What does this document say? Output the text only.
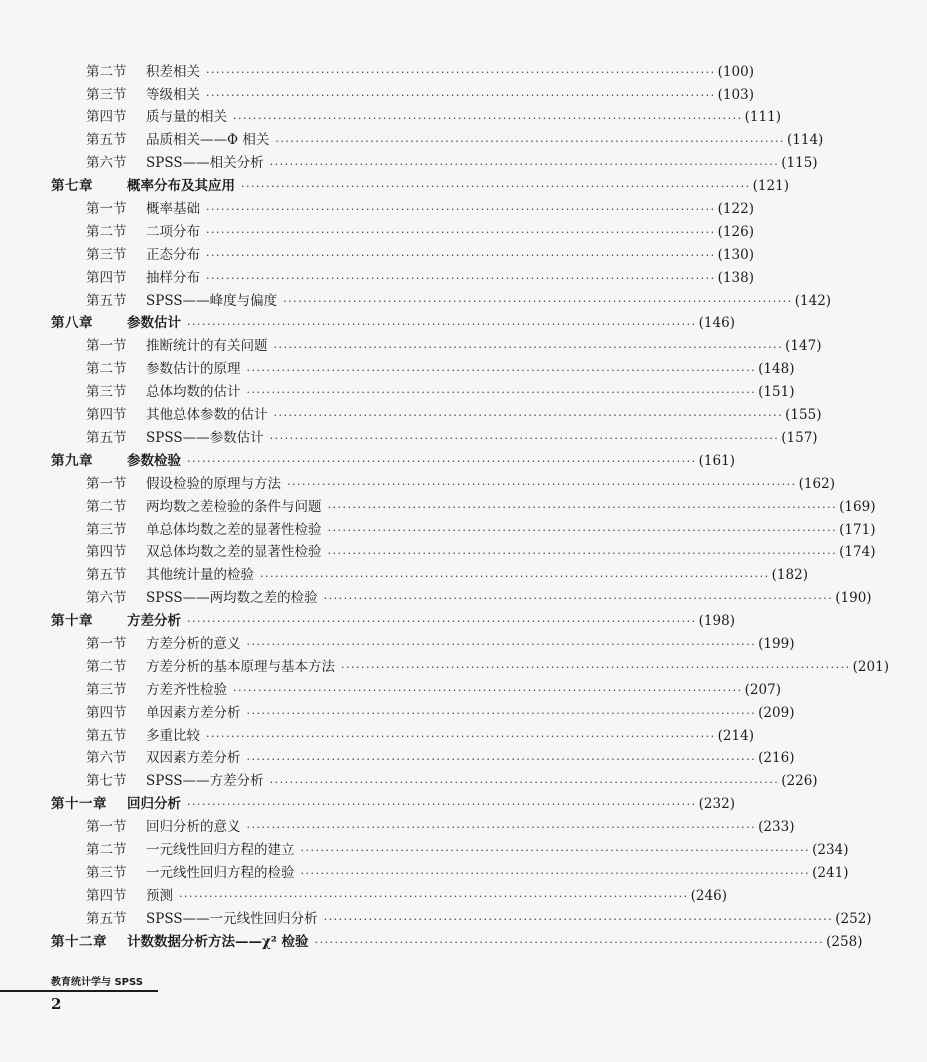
第二节	积差相关 ······································································································ (100)
第三节	等级相关 ······································································································ (103)
第四节	质与量的相关 ······································································································ (111)
第五节	品质相关——Φ 相关 ······································································································ (114)
第六节	SPSS——相关分析 ······································································································ (115)
第七章	概率分布及其应用 ······································································································ (121)
第一节	概率基础 ······································································································ (122)
第二节	二项分布 ······································································································ (126)
第三节	正态分布 ······································································································ (130)
第四节	抽样分布 ······································································································ (138)
第五节	SPSS——峰度与偏度 ······································································································ (142)
第八章	参数估计 ······································································································ (146)
第一节	推断统计的有关问题 ······································································································ (147)
第二节	参数估计的原理 ······································································································ (148)
第三节	总体均数的估计 ······································································································ (151)
第四节	其他总体参数的估计 ······································································································ (155)
第五节	SPSS——参数估计 ······································································································ (157)
第九章	参数检验 ······································································································ (161)
第一节	假设检验的原理与方法 ······································································································ (162)
第二节	两均数之差检验的条件与问题 ······································································································ (169)
第三节	单总体均数之差的显著性检验 ······································································································ (171)
第四节	双总体均数之差的显著性检验 ······································································································ (174)
第五节	其他统计量的检验 ······································································································ (182)
第六节	SPSS——两均数之差的检验 ······································································································ (190)
第十章	方差分析 ······································································································ (198)
第一节	方差分析的意义 ······································································································ (199)
第二节	方差分析的基本原理与基本方法 ······································································································ (201)
第三节	方差齐性检验 ······································································································ (207)
第四节	单因素方差分析 ······································································································ (209)
第五节	多重比较 ······································································································ (214)
第六节	双因素方差分析 ······································································································ (216)
第七节	SPSS——方差分析 ······································································································ (226)
第十一章	回归分析 ······································································································ (232)
第一节	回归分析的意义 ······································································································ (233)
第二节	一元线性回归方程的建立 ······································································································ (234)
第三节	一元线性回归方程的检验 ······································································································ (241)
第四节	预测 ······································································································ (246)
第五节	SPSS——一元线性回归分析 ······································································································ (252)
第十二章	计数数据分析方法——χ² 检验 ······································································································ (258)
教育统计学与 SPSS
2
